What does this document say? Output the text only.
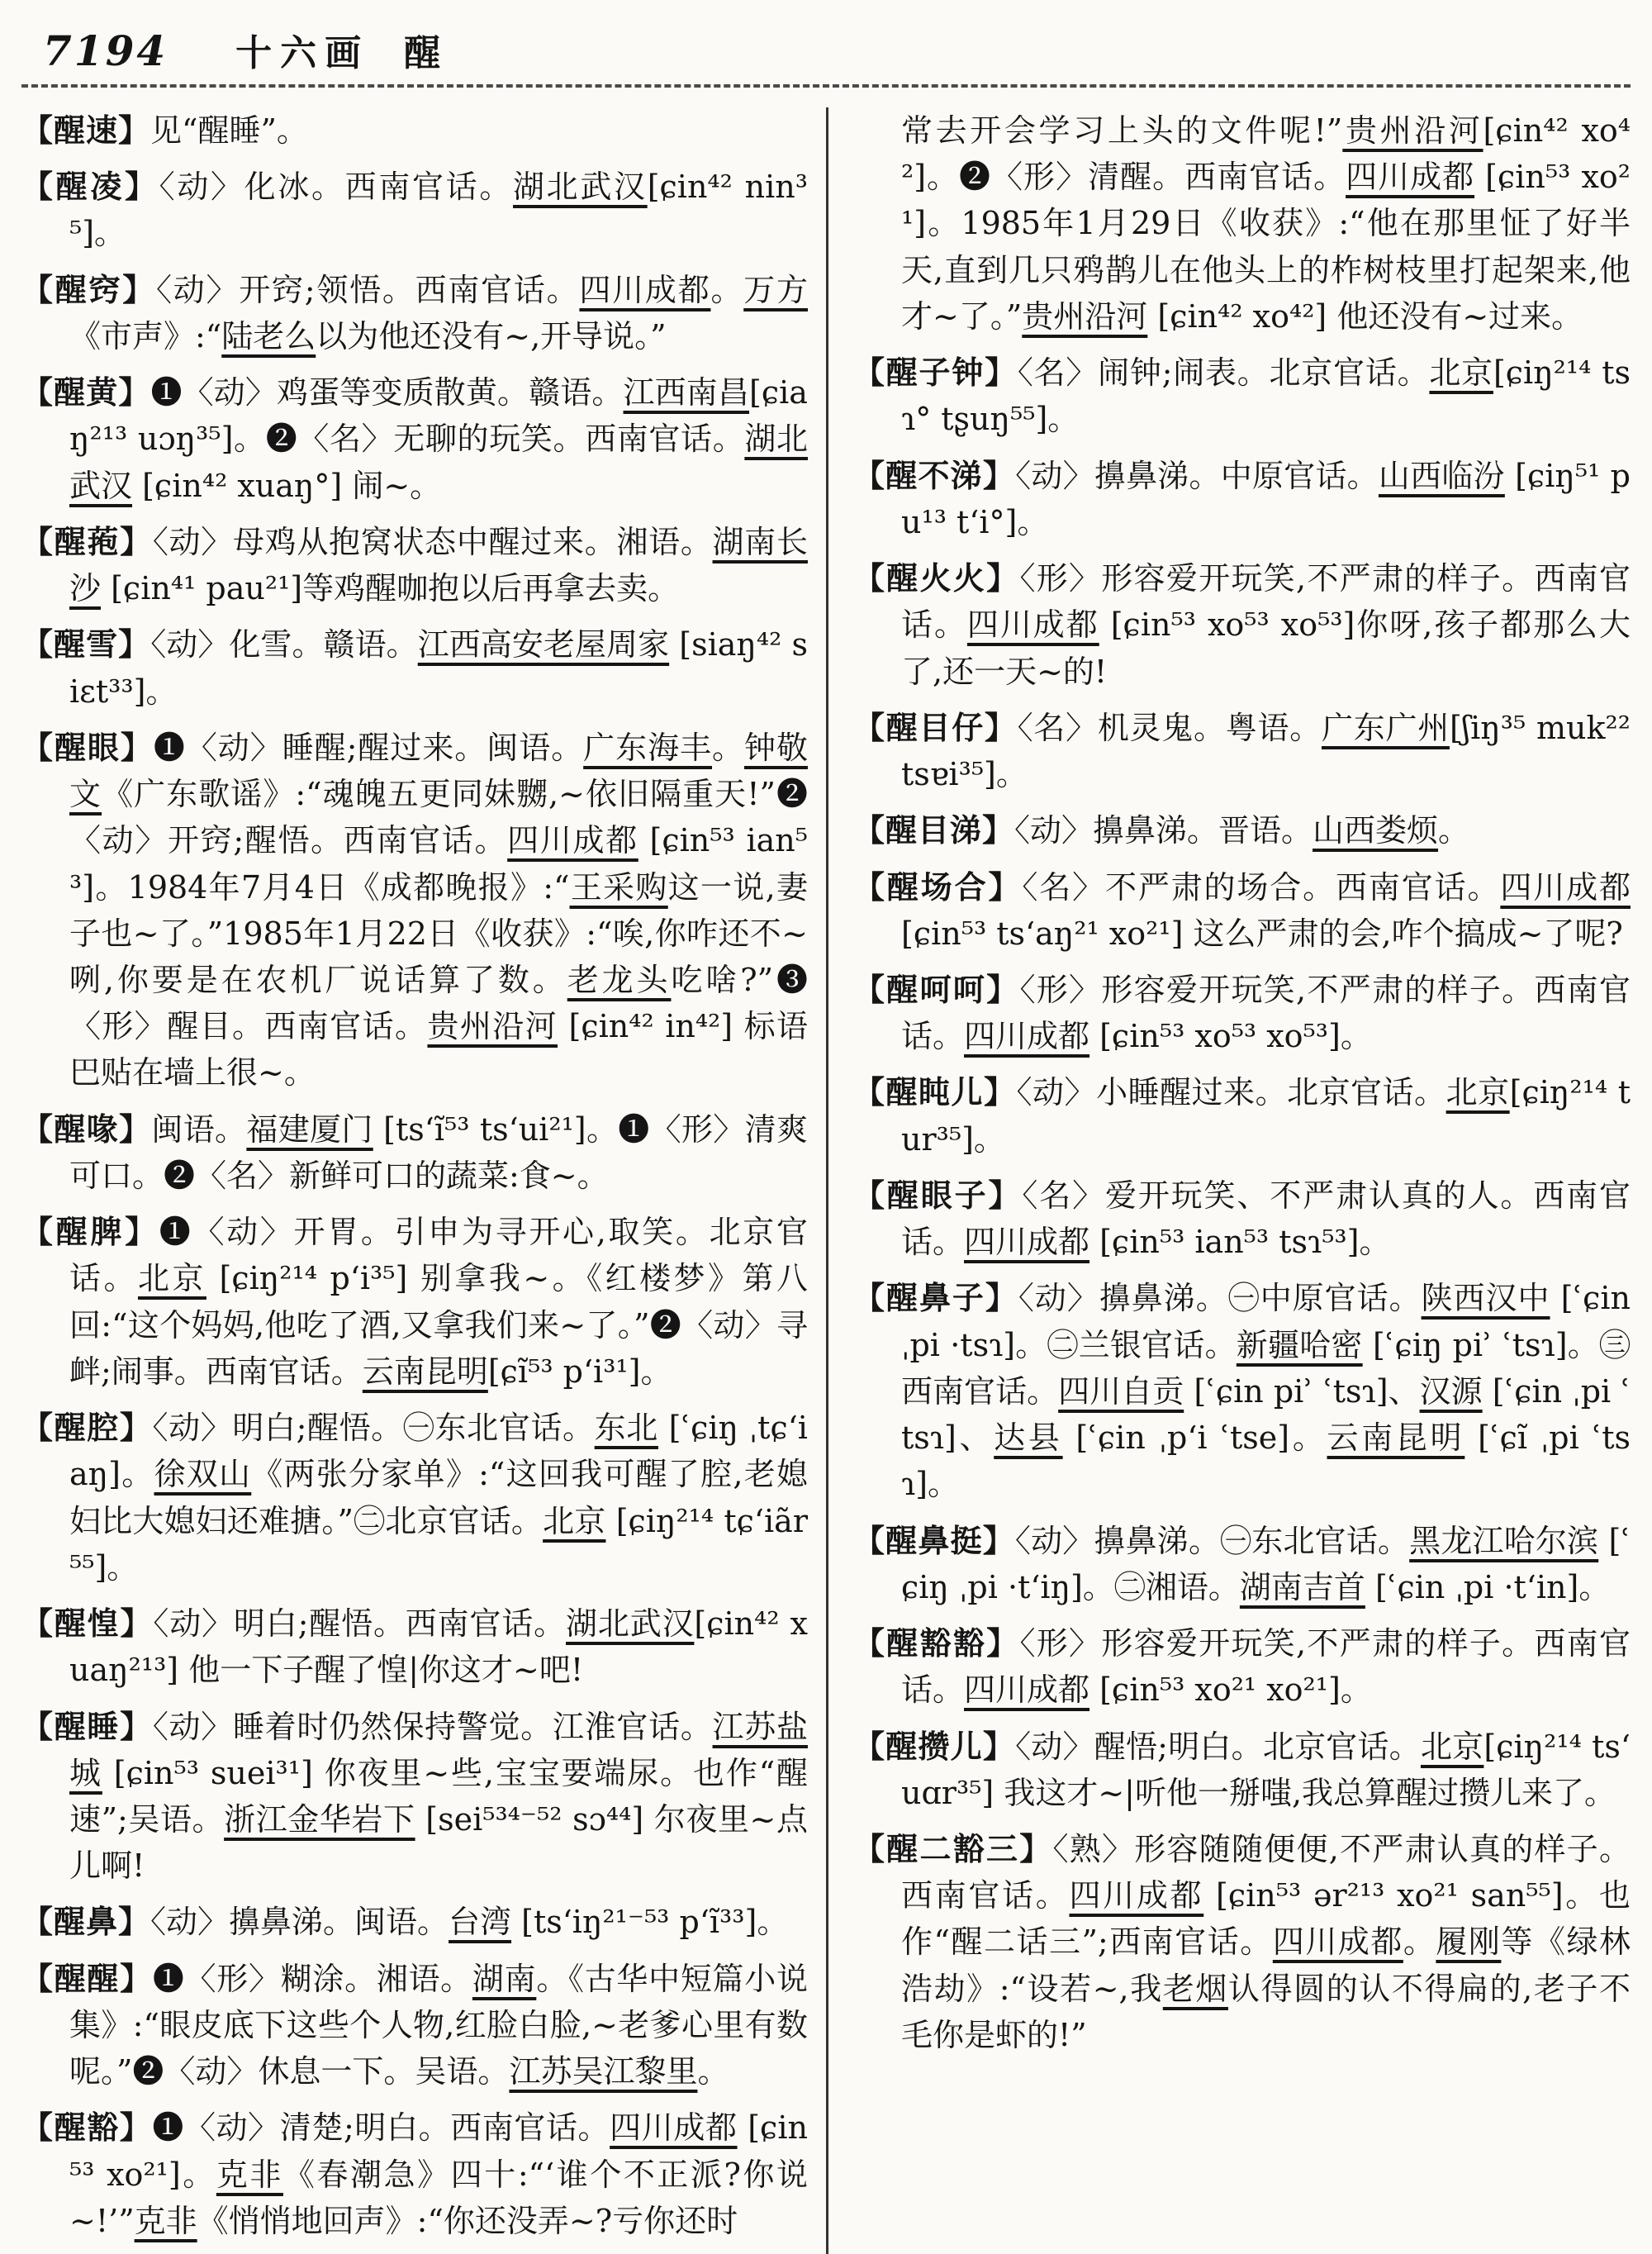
7194 十六画 醒

【醒速】见“醒睡”。

【醒凌】〈动〉化冰。西南官话。湖北武汉[ɕin⁴² nin³⁵]。

【醒窍】〈动〉开窍;领悟。西南官话。四川成都。万方《市声》:“陆老么以为他还没有~,开导说。”

【醒黄】❶〈动〉鸡蛋等变质散黄。赣语。江西南昌[ɕiaŋ²¹³ uɔŋ³⁵]。❷〈名〉无聊的玩笑。西南官话。湖北武汉 [ɕin⁴² xuaŋ°] 闹~。

【醒菢】〈动〉母鸡从抱窝状态中醒过来。湘语。湖南长沙 [ɕin⁴¹ pau²¹]等鸡醒咖抱以后再拿去卖。

【醒雪】〈动〉化雪。赣语。江西高安老屋周家 [siaŋ⁴² siɛt³³]。

【醒眼】❶〈动〉睡醒;醒过来。闽语。广东海丰。钟敬文《广东歌谣》:“魂魄五更同妹嬲,~依旧隔重天!”❷〈动〉开窍;醒悟。西南官话。四川成都 [ɕin⁵³ ian⁵³]。1984年7月4日《成都晚报》:“王采购这一说,妻子也~了。”1985年1月22日《收获》:“唉,你咋还不~咧,你要是在农机厂说话算了数。老龙头吃啥?”❸〈形〉醒目。西南官话。贵州沿河 [ɕin⁴² in⁴²] 标语巴贴在墙上很~。

【醒喙】闽语。福建厦门 [tsʻĩ⁵³ tsʻui²¹]。❶〈形〉清爽可口。❷〈名〉新鲜可口的蔬菜:食~。

【醒脾】❶〈动〉开胃。引申为寻开心,取笑。北京官话。北京 [ɕiŋ²¹⁴ pʻi³⁵] 别拿我~。《红楼梦》第八回:“这个妈妈,他吃了酒,又拿我们来~了。”❷〈动〉寻衅;闹事。西南官话。云南昆明[ɕĩ⁵³ pʻi³¹]。

【醒腔】〈动〉明白;醒悟。㊀东北官话。东北 [ʿɕiŋ ˌtɕʻiaŋ]。徐双山《两张分家单》:“这回我可醒了腔,老媳妇比大媳妇还难搪。”㊁北京官话。北京 [ɕiŋ²¹⁴ tɕʻiãr⁵⁵]。

【醒惶】〈动〉明白;醒悟。西南官话。湖北武汉[ɕin⁴² xuaŋ²¹³] 他一下子醒了惶|你这才~吧!

【醒睡】〈动〉睡着时仍然保持警觉。江淮官话。江苏盐城 [ɕin⁵³ suei³¹] 你夜里~些,宝宝要端尿。也作“醒速”;吴语。浙江金华岩下 [sei⁵³⁴⁻⁵² sɔ⁴⁴] 尔夜里~点儿啊!

【醒鼻】〈动〉擤鼻涕。闽语。台湾 [tsʻiŋ²¹⁻⁵³ pʻĩ³³]。

【醒醒】❶〈形〉糊涂。湘语。湖南。《古华中短篇小说集》:“眼皮底下这些个人物,红脸白脸,~老爹心里有数呢。”❷〈动〉休息一下。吴语。江苏吴江黎里。

【醒豁】❶〈动〉清楚;明白。西南官话。四川成都 [ɕin⁵³ xo²¹]。克非《春潮急》四十:“‘谁个不正派?你说~!’”克非《悄悄地回声》:“你还没弄~?亏你还时

常去开会学习上头的文件呢!”贵州沿河[ɕin⁴² xo⁴²]。❷〈形〉清醒。西南官话。四川成都 [ɕin⁵³ xo²¹]。1985年1月29日《收获》:“他在那里怔了好半天,直到几只鸦鹊儿在他头上的柞树枝里打起架来,他才~了。”贵州沿河 [ɕin⁴² xo⁴²] 他还没有~过来。

【醒子钟】〈名〉闹钟;闹表。北京官话。北京[ɕiŋ²¹⁴ tsɿ° tʂuŋ⁵⁵]。

【醒不涕】〈动〉擤鼻涕。中原官话。山西临汾 [ɕiŋ⁵¹ pu¹³ tʻi°]。

【醒火火】〈形〉形容爱开玩笑,不严肃的样子。西南官话。四川成都 [ɕin⁵³ xo⁵³ xo⁵³]你呀,孩子都那么大了,还一天~的!

【醒目仔】〈名〉机灵鬼。粤语。广东广州[ʃiŋ³⁵ muk²² tsɐi³⁵]。

【醒目涕】〈动〉擤鼻涕。晋语。山西娄烦。

【醒场合】〈名〉不严肃的场合。西南官话。四川成都 [ɕin⁵³ tsʻaŋ²¹ xo²¹] 这么严肃的会,咋个搞成~了呢?

【醒呵呵】〈形〉形容爱开玩笑,不严肃的样子。西南官话。四川成都 [ɕin⁵³ xo⁵³ xo⁵³]。

【醒盹儿】〈动〉小睡醒过来。北京官话。北京[ɕiŋ²¹⁴ tur³⁵]。

【醒眼子】〈名〉爱开玩笑、不严肃认真的人。西南官话。四川成都 [ɕin⁵³ ian⁵³ tsɿ⁵³]。

【醒鼻子】〈动〉擤鼻涕。㊀中原官话。陕西汉中 [ʿɕin ˌpi ·tsɿ]。㊁兰银官话。新疆哈密 [ʿɕiŋ piʾ ʿtsɿ]。㊂西南官话。四川自贡 [ʿɕin piʾ ʿtsɿ]、汉源 [ʿɕin ˌpi ʿtsɿ]、达县 [ʿɕin ˌpʻi ʿtse]。云南昆明 [ʿɕĩ ˌpi ʿtsɿ]。

【醒鼻挺】〈动〉擤鼻涕。㊀东北官话。黑龙江哈尔滨 [ʿɕiŋ ˌpi ·tʻiŋ]。㊁湘语。湖南吉首 [ʿɕin ˌpi ·tʻin]。

【醒豁豁】〈形〉形容爱开玩笑,不严肃的样子。西南官话。四川成都 [ɕin⁵³ xo²¹ xo²¹]。

【醒攒儿】〈动〉醒悟;明白。北京官话。北京[ɕiŋ²¹⁴ tsʻuɑr³⁵] 我这才~|听他一掰嗤,我总算醒过攒儿来了。

【醒二豁三】〈熟〉形容随随便便,不严肃认真的样子。西南官话。四川成都 [ɕin⁵³ ər²¹³ xo²¹ san⁵⁵]。也作“醒二话三”;西南官话。四川成都。履刚等《绿林浩劫》:“设若~,我老烟认得圆的认不得扁的,老子不毛你是虾的!”
